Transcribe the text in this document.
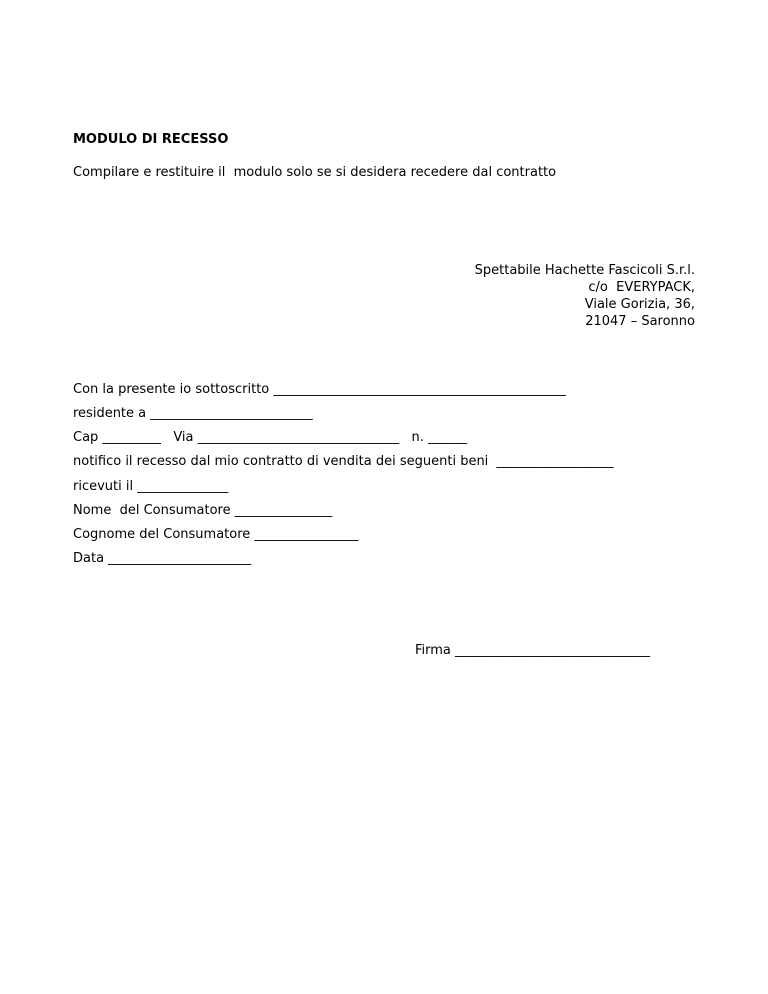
MODULO DI RECESSO
Compilare e restituire il  modulo solo se si desidera recedere dal contratto
Spettabile Hachette Fascicoli S.r.l.
c/o  EVERYPACK,
Viale Gorizia, 36,
21047 – Saronno
Con la presente io sottoscritto _____________________________________________
residente a _________________________
Cap _________   Via _______________________________   n. ______
notifico il recesso dal mio contratto di vendita dei seguenti beni  __________________
ricevuti il ______________
Nome  del Consumatore _______________
Cognome del Consumatore ________________
Data ______________________
Firma ______________________________
